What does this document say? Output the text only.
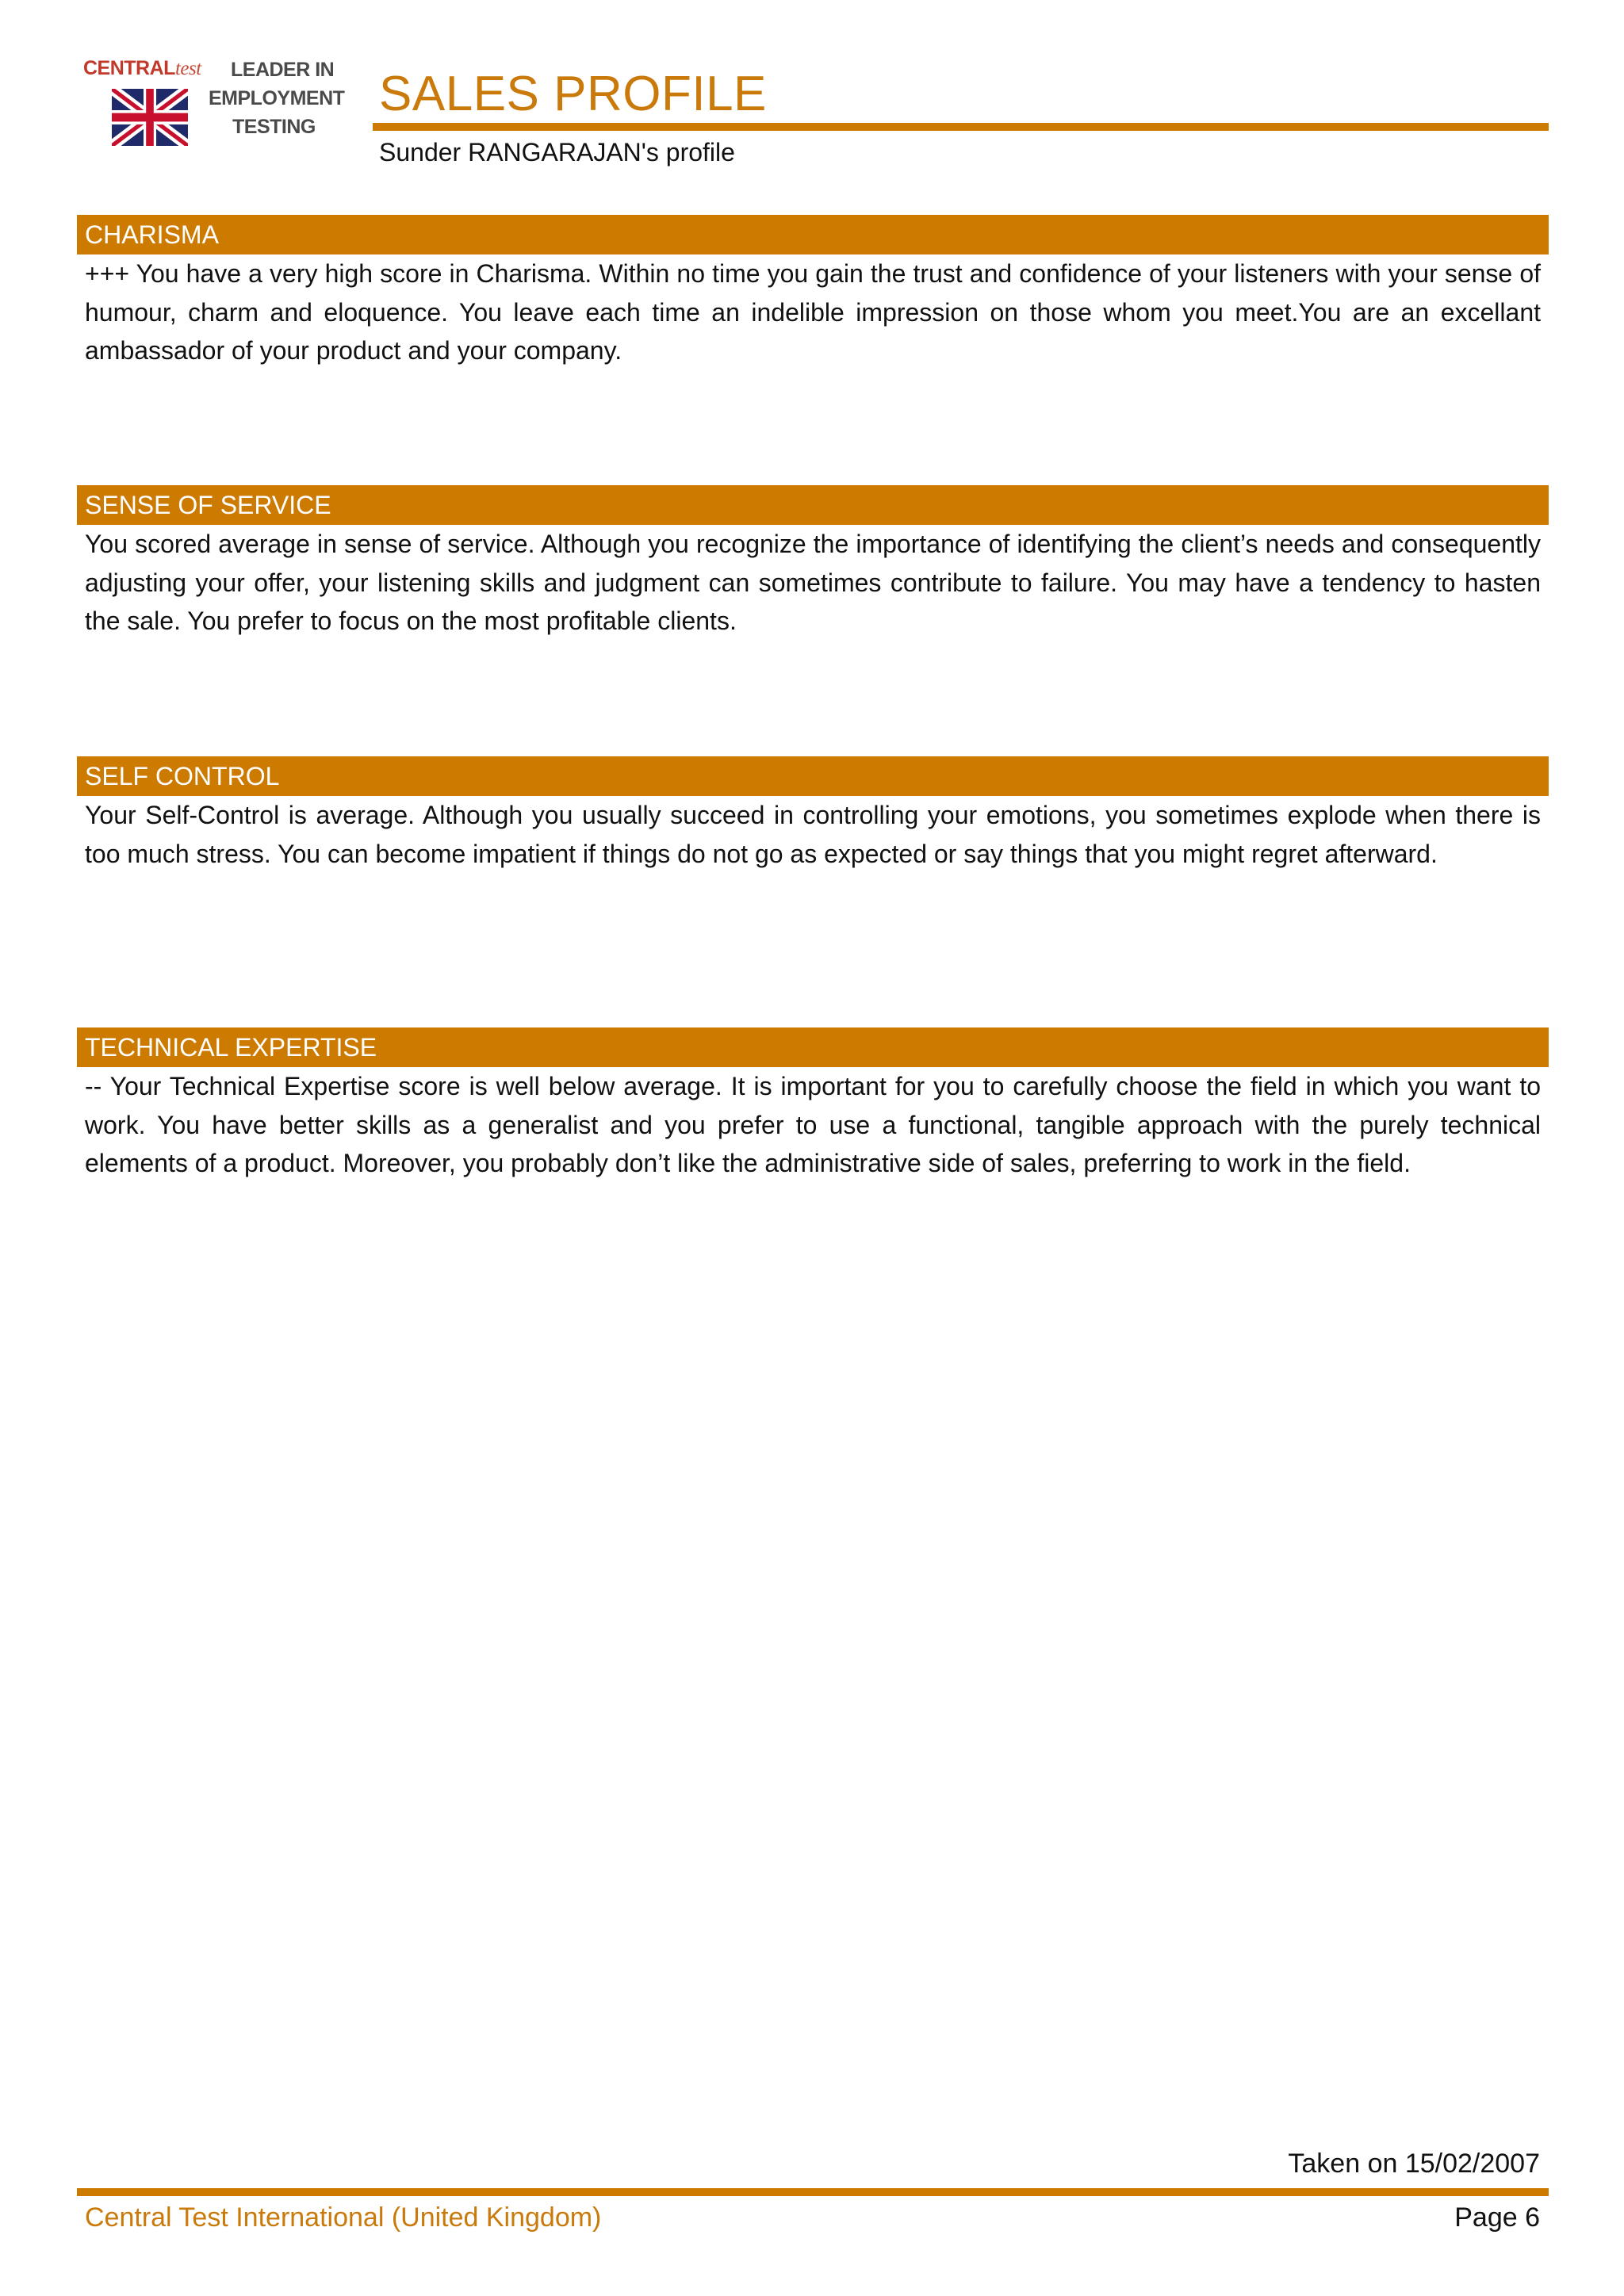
CENTRALtest	LEADER IN
EMPLOYMENT
TESTING
SALES PROFILE
Sunder RANGARAJAN's profile
CHARISMA

+++ You have a very high score in Charisma. Within no time you gain the trust and confidence of your listeners with your sense of humour, charm and eloquence. You leave each time an indelible impression on those whom you meet.You are an excellant ambassador of your product and your company.

SENSE OF SERVICE

You scored average in sense of service. Although you recognize the importance of identifying the client’s needs and consequently adjusting your offer, your listening skills and judgment can sometimes contribute to failure. You may have a tendency to hasten the sale. You prefer to focus on the most profitable clients.

SELF CONTROL

Your Self-Control is average. Although you usually succeed in controlling your emotions, you sometimes explode when there is too much stress. You can become impatient if things do not go as expected or say things that you might regret afterward.

TECHNICAL EXPERTISE

-- Your Technical Expertise score is well below average. It is important for you to carefully choose the field in which you want to work. You have better skills as a generalist and you prefer to use a functional, tangible approach with the purely technical elements of a product. Moreover, you probably don’t like the administrative side of sales, preferring to work in the field.

Taken on 15/02/2007
Central Test International (United Kingdom)	Page 6
